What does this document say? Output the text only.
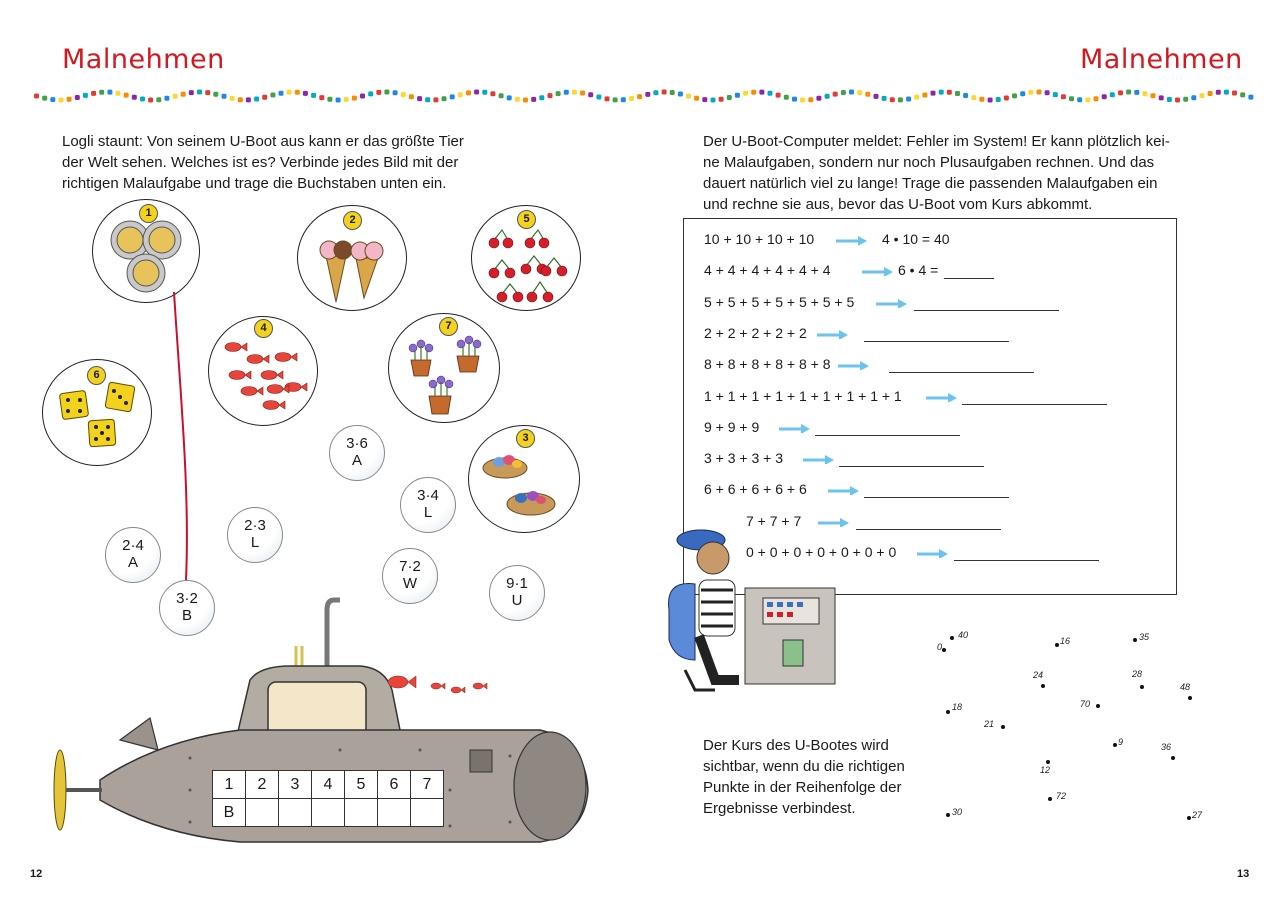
Malnehmen	Malnehmen
Logli staunt: Von seinem U-Boot aus kann er das größte Tier
der Welt sehen. Welches ist es? Verbinde jedes Bild mit der
richtigen Malaufgabe und trage die Buchstaben unten ein.
1
2	5
4	7
6
3
3·6
A
3·4
L
2·3
L
2·4
A
3·2
B
7·2
W	9·1
U
1	2	3	4	5	6	7
B						
12
Der U-Boot-Computer meldet: Fehler im System! Er kann plötzlich kei-
ne Malaufgaben, sondern nur noch Plusaufgaben rechnen. Und das
dauert natürlich viel zu lange! Trage die passenden Malaufgaben ein
und rechne sie aus, bevor das U-Boot vom Kurs abkommt.
10 + 10 + 10 + 10	4 • 10 = 40
4 + 4 + 4 + 4 + 4 + 4	6 • 4 =
5 + 5 + 5 + 5 + 5 + 5 + 5
2 + 2 + 2 + 2 + 2
8 + 8 + 8 + 8 + 8 + 8
1 + 1 + 1 + 1 + 1 + 1 + 1 + 1 + 1
9 + 9 + 9
3 + 3 + 3 + 3
6 + 6 + 6 + 6 + 6
7 + 7 + 7
0 + 0 + 0 + 0 + 0 + 0 + 0
Der Kurs des U-Bootes wird
sichtbar, wenn du die richtigen
Punkte in der Reihenfolge der
Ergebnisse verbindest.
40
0
16	35
24	28
48
18
21
70
9	36
12
72
30	27
13
